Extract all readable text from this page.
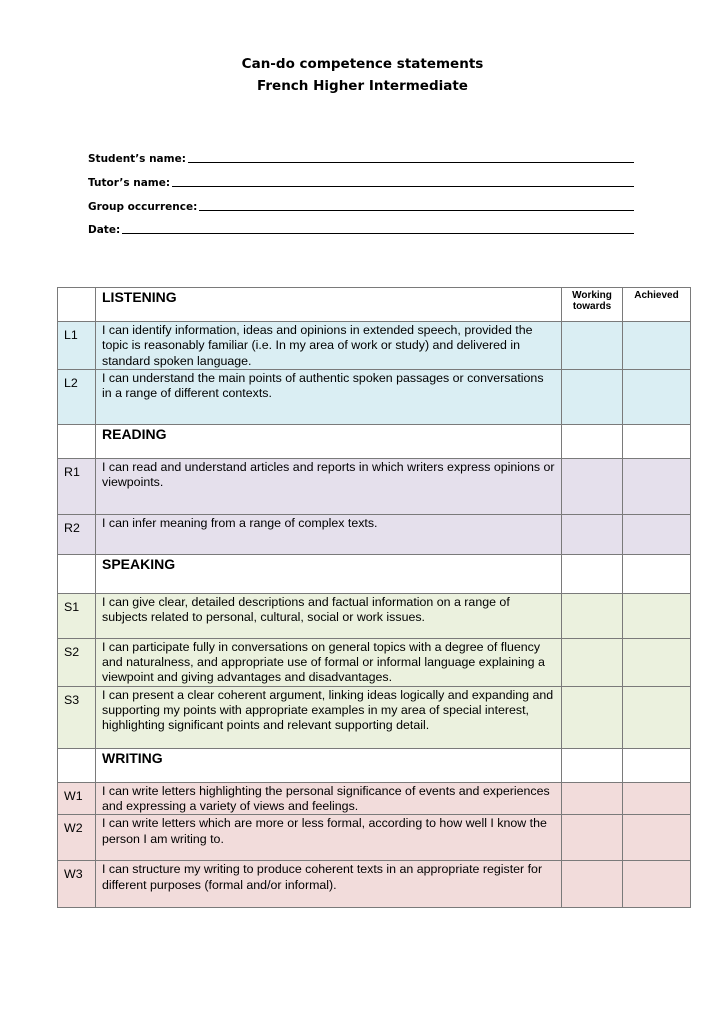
Can-do competence statements
French Higher Intermediate
Student’s name:
Tutor’s name:
Group occurrence:
Date:
	LISTENING	Working towards	Achieved
L1	I can identify information, ideas and opinions in extended speech, provided the topic is reasonably familiar (i.e. In my area of work or study) and delivered in standard spoken language.		
L2	I can understand the main points of authentic spoken passages or conversations in a range of different contexts.		
	READING		
R1	I can read and understand articles and reports in which writers express opinions or viewpoints.		
R2	I can infer meaning from a range of complex texts.		
	SPEAKING		
S1	I can give clear, detailed descriptions and factual information on a range of subjects related to personal, cultural, social or work issues.		
S2	I can participate fully in conversations on general topics with a degree of fluency and naturalness, and appropriate use of formal or informal language explaining a viewpoint and giving advantages and disadvantages.		
S3	I can present a clear coherent argument, linking ideas logically and expanding and supporting my points with appropriate examples in my area of special interest, highlighting significant points and relevant supporting detail.		
	WRITING		
W1	I can write letters highlighting the personal significance of events and experiences and expressing a variety of views and feelings.		
W2	I can write letters which are more or less formal, according to how well I know the person I am writing to.		
W3	I can structure my writing to produce coherent texts in an appropriate register for different purposes (formal and/or informal).		
